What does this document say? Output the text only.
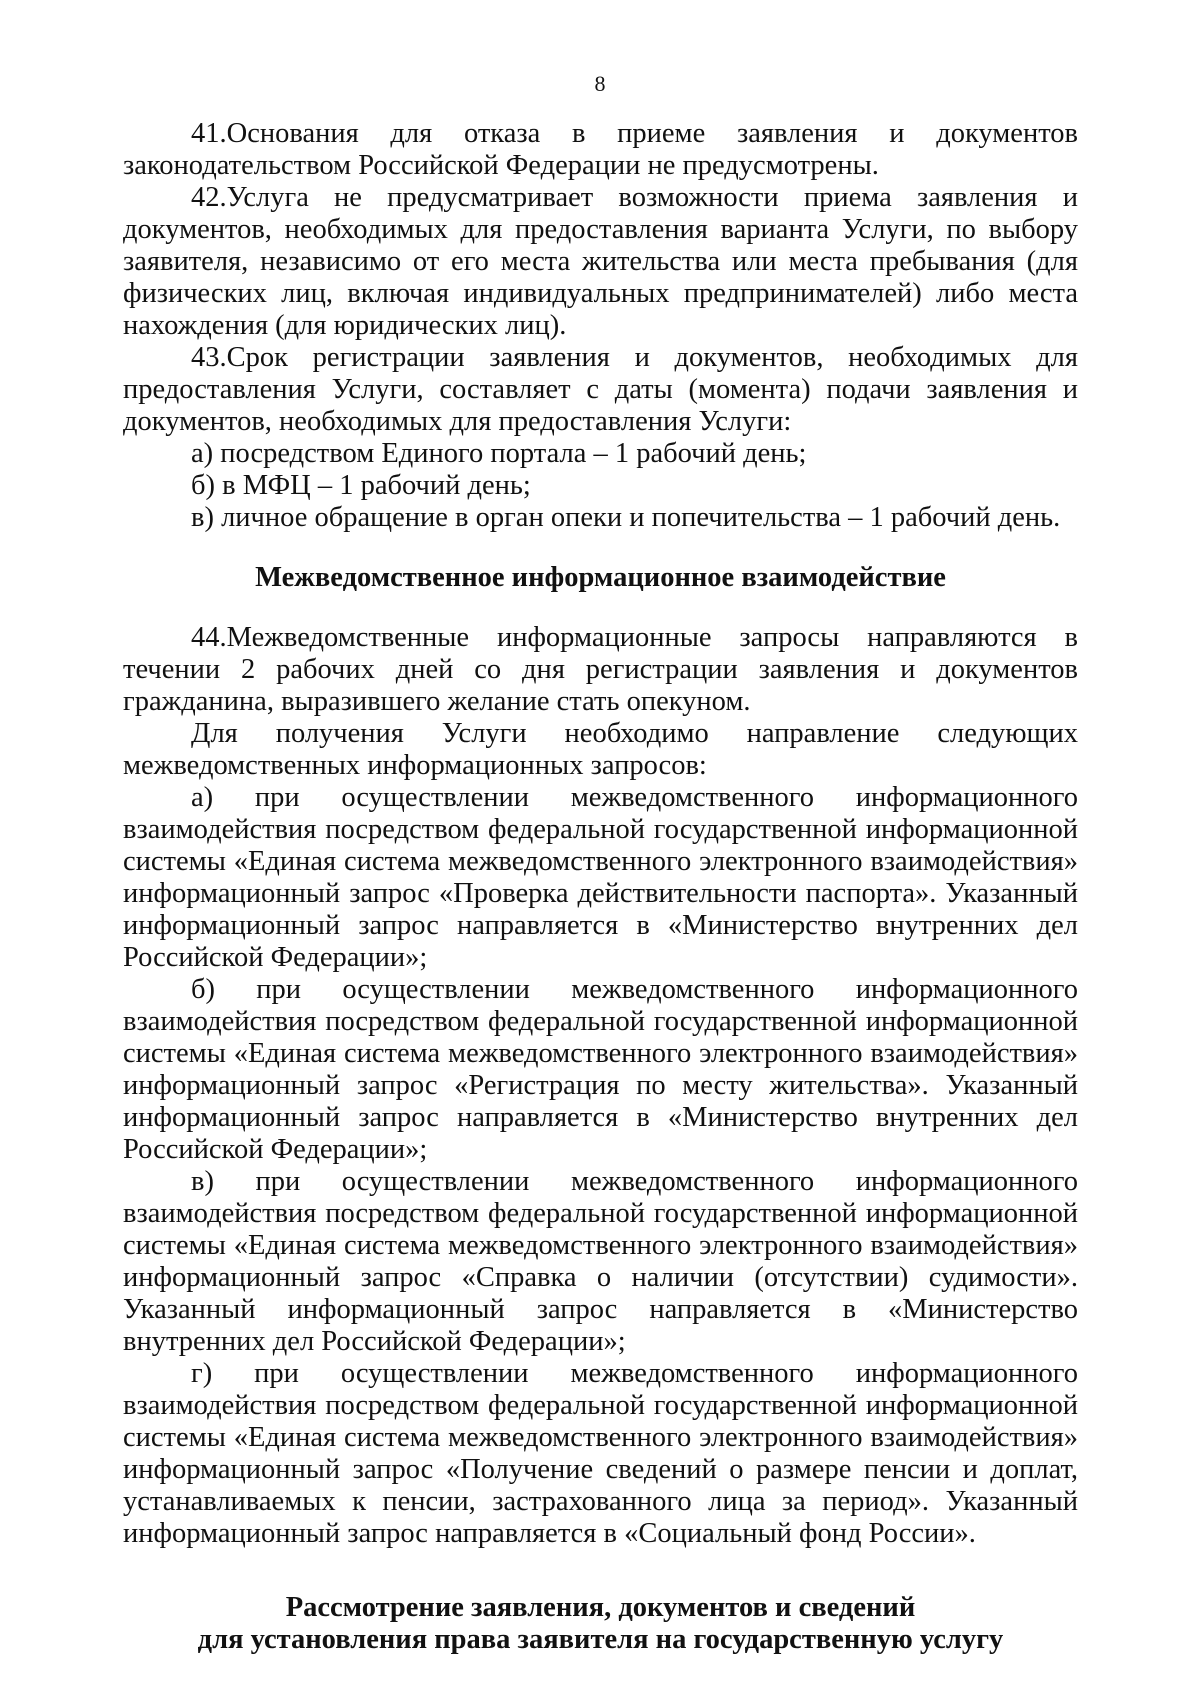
8

41.Основания для отказа в приеме заявления и документов законодательством Российской Федерации не предусмотрены.

42.Услуга не предусматривает возможности приема заявления и документов, необходимых для предоставления варианта Услуги, по выбору заявителя, независимо от его места жительства или места пребывания (для физических лиц, включая индивидуальных предпринимателей) либо места нахождения (для юридических лиц).

43.Срок регистрации заявления и документов, необходимых для предоставления Услуги, составляет с даты (момента) подачи заявления и документов, необходимых для предоставления Услуги:

а) посредством Единого портала – 1 рабочий день;

б) в МФЦ – 1 рабочий день;

в) личное обращение в орган опеки и попечительства – 1 рабочий день.

Межведомственное информационное взаимодействие

44.Межведомственные информационные запросы направляются в течении 2 рабочих дней со дня регистрации заявления и документов гражданина, выразившего желание стать опекуном.

Для получения Услуги необходимо направление следующих межведомственных информационных запросов:

а) при осуществлении межведомственного информационного взаимодействия посредством федеральной государственной информационной системы «Единая система межведомственного электронного взаимодействия» информационный запрос «Проверка действительности паспорта». Указанный информационный запрос направляется в «Министерство внутренних дел Российской Федерации»;

б) при осуществлении межведомственного информационного взаимодействия посредством федеральной государственной информационной системы «Единая система межведомственного электронного взаимодействия» информационный запрос «Регистрация по месту жительства». Указанный информационный запрос направляется в «Министерство внутренних дел Российской Федерации»;

в) при осуществлении межведомственного информационного взаимодействия посредством федеральной государственной информационной системы «Единая система межведомственного электронного взаимодействия» информационный запрос «Справка о наличии (отсутствии) судимости». Указанный информационный запрос направляется в «Министерство внутренних дел Российской Федерации»;

г) при осуществлении межведомственного информационного взаимодействия посредством федеральной государственной информационной системы «Единая система межведомственного электронного взаимодействия» информационный запрос «Получение сведений о размере пенсии и доплат, устанавливаемых к пенсии, застрахованного лица за период». Указанный информационный запрос направляется в «Социальный фонд России».

Рассмотрение заявления, документов и сведений
для установления права заявителя на государственную услугу
